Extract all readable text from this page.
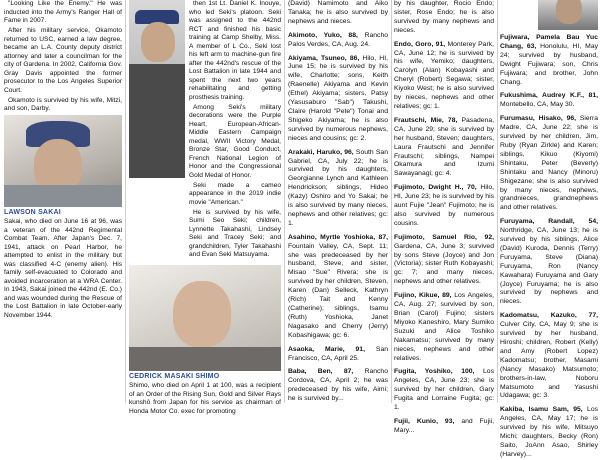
"Looking Like the Enemy." He was inducted into the Army's Ranger Hall of Fame in 2007.

After his military service, Okamoto returned to USC, earned a law degree, became an L.A. County deputy district attorney and later a councilman for the city of Gardena. In 2002, California Gov. Gray Davis appointed the former prosecutor to the Los Angeles Superior Court.

Okamoto is survived by his wife, Mitzi, and son, Darby.

LAWSON SAKAI

Sakai, who died on June 16 at 96, was a veteran of the 442nd Regimental Combat Team. After Japan's Dec. 7, 1941, attack on Pearl Harbor, he attempted to enlist in the military but was classified 4-C (enemy alien). His family self-evacuated to Colorado and avoided incarceration at a WRA Center. In 1943, Sakai joined the 442nd (E. Co.) and was wounded during the Rescue of the Lost Battalion in late October-early November 1944.

then 1st Lt. Daniel K. Inouye, who led Seki's platoon. Seki was assigned to the 442nd RCT and finished his basic training at Camp Shelby, Miss. A member of L Co., Seki lost his left arm to machine-gun fire after the 442nd's rescue of the Lost Battalion in late 1944 and spent the next two years rehabilitating and getting prosthesis training.

Among Seki's military decorations were the Purple Heart, European-African-Middle Eastern Campaign medal, WWII Victory Medal, Bronze Star, Good Conduct, French National Legion of Honor and the Congressional Gold Medal of Honor.

Seki made a cameo appearance in the 2019 indie movie "American."

He is survived by his wife, Sumi Seo Seki; children, Lynnette Takahashi, Lindsey Seki and Tracey Seki; and grandchildren, Tyler Takahashi and Evan Seki Matsuyama.

CEDRICK MASAKI SHIMO

Shimo, who died on April 1 at 100, was a recipient of an Order of the Rising Sun, Gold and Silver Rays kunshō from Japan for his service as chairman of Honda Motor Co. exec for promoting

(David) Namimoto and Aiko Tanaka; he is also survived by nephews and nieces.

Akimoto, Yuko, 88, Rancho Palos Verdes, CA, Aug. 24.

Akiyama, Tsuneo, 86, Hilo, HI, June 15; he is survived by his wife, Charlotte; sons, Keith (Raenelle) Akiyama and Kevin (Ethel) Akiyama; sisters, Patsy (Yasusaburo "Sab") Takushi, Claire (Harold "Pete") Tonai and Shigeko Akiyama; he is also survived by numerous nephews, nieces and cousins; gc: 2.

Arakaki, Haruko, 96, South San Gabriel, CA, July 22; he is survived by his daughters, Georgianne Lynch and Kathleen Hendrickson; siblings, Hideo (Kazy) Oshiro and Yo Sakai; he is also survived by many nieces, nephews and other relatives; gc: 1.

Asahino, Myrtle Yoshioka, 87, Fountain Valley, CA, Sept. 11; she was predeceased by her husband, Steve, and sister, Misao "Sue" Rivera; she is survived by her children, Steven, Karen (Dan) Selleck, Kathryn (Rich) Tait and Kenny (Catherine); siblings, Isamu (Ruth) Yoshioka, Janet Nagasako and Cherry (Jerry) Kobashigawa; gc: 6.

Asaoka, Marie, 91, San Francisco, CA, April 25.

Baba, Ben, 87, Rancho Cordova, CA, April 2; he was predeceased by his wife, Aimi; he is survived by...

by his daughter, Rocio Endo; sister, Rose Endo; he is also survived by many nephews and nieces.

Endo, Goro, 91, Monterey Park, CA, June 12; he is survived by his wife, Yemiko; daughters, Carolyn (Alan) Kobayashi and Cheryl (Robert) Segawa; sister, Kiyoko West; he is also survived by nieces, nephews and other relatives; gc: 1.

Frautschi, Mie, 78, Pasadena, CA, June 29; she is survived by her husband, Steven; daughters, Laura Frautschi and Jennifer Frautschi; siblings, Nampei Okamura and Izumi Sawayanagi; gc: 4.

Fujimoto, Dwight H., 70, Hilo, HI, June 23; he is survived by his aunt Fujie "Jean" Fujimoto; he is also survived by numerous cousins.

Fujimoto, Samuel Rio, 92, Gardena, CA, June 3; survived by sons Steve (Joyce) and Jon (Victoria); sister Ruth Kobayashi; gc: 7; and many nieces, nephews and other relatives.

Fujino, Kikue, 89, Los Angeles, CA, Aug. 27; survived by son, Brian (Carol) Fujino; sisters Miyoko Kaneshiro, Mary Sumiko Suzuki and Alice Toshiko Nakamatsu; survived by many nieces, nephews and other relatives.

Fugita, Yoshiko, 100, Los Angeles, CA, June 23; she is survived by her children, Gary Fugita and Lorraine Fugita; gc: 1.

Fujii, Kunio, 93, and Fujii, Mary...

Fujiwara, Pamela Bau Yuc Chang, 63, Honolulu, HI, May 24; survived by husband, Dwight Fujiwara; son, Chris Fujiwara; and brother, John Chang.

Fukushima, Audrey K.F., 81, Montebello, CA, May 30.

Furumasu, Hisako, 96, Sierra Madre, CA, June 22; she is survived by her children, Jim, Ruby (Ryan Zirkle) and Karen; siblings, Kikuo (Kiyomi) Shintaku, Peter (Beverly) Shintaku and Nancy (Minoru) Shigezane; she is also survived by many nieces, nephews, grandnieces, grandnephews and other relatives.

Furuyama, Randall, 54, Northridge, CA, June 13; he is survived by his siblings, Alice (David) Kuroda, Dennis (Terry) Furuyama, Steve (Diana) Furuyama, Ron (Nancy Kawahara) Furuyama and Gary (Joyce) Furuyama; he is also survived by nephews and nieces.

Kadomatsu, Kazuko, 77, Culver City, CA, May 9; she is survived by her husband, Hiroshi; children, Robert (Kelly) and Amy (Robert Lopez) Kadomatsu; brother, Masami (Nancy Masako) Matsumoto; brothers-in-law, Noboru Matsumoto and Yasushi Udagawa; gc: 3.

Kakiba, Isamu Sam, 95, Los Angeles, CA, May 17; he is survived by his wife, Mitsuyo Michi; daughters, Becky (Ron) Saito, JoAnn Asao, Shirley (Harvey)...
